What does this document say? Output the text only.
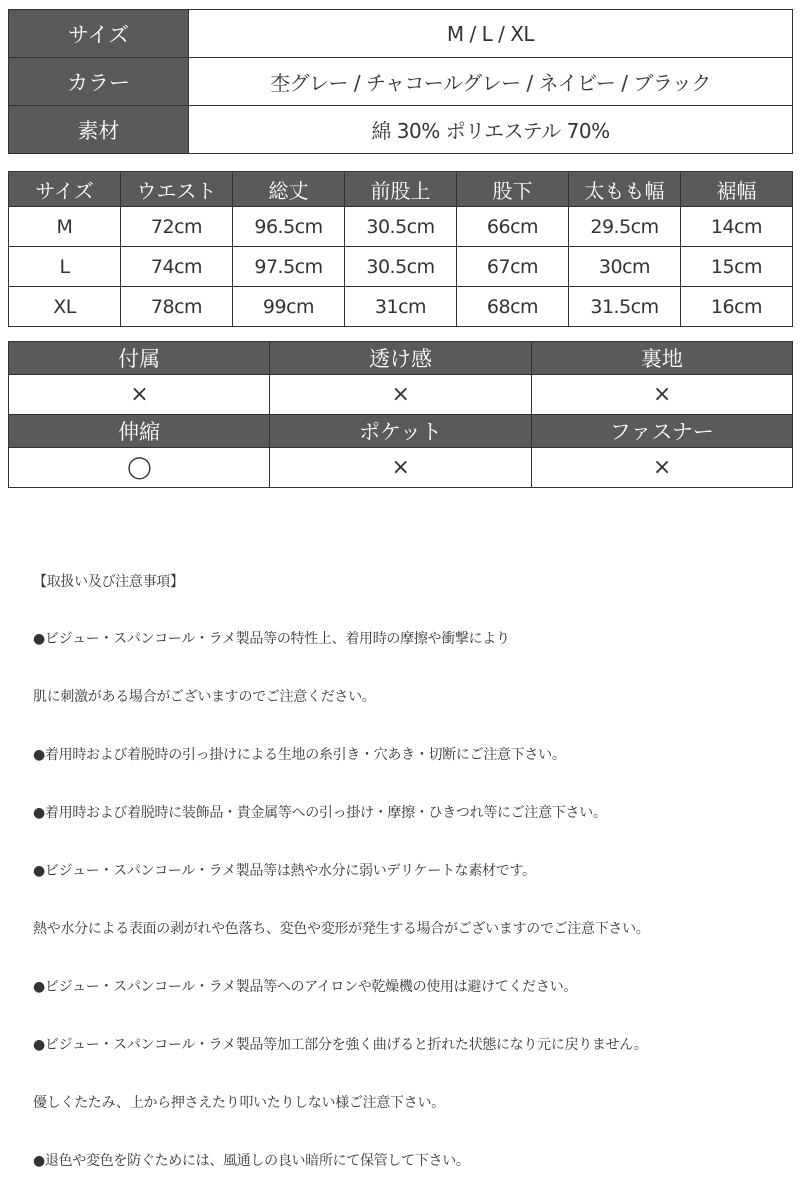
サイズ	M / L / XL
カラー	杢グレー / チャコールグレー / ネイビー / ブラック
素材	綿 30% ポリエステル 70%
サイズ	ウエスト	総丈	前股上	股下	太もも幅	裾幅
M	72cm	96.5cm	30.5cm	66cm	29.5cm	14cm
L	74cm	97.5cm	30.5cm	67cm	30cm	15cm
XL	78cm	99cm	31cm	68cm	31.5cm	16cm
付属	透け感	裏地
×	×	×
伸縮	ポケット	ファスナー
◯	×	×

【取扱い及び注意事項】

●ビジュー・スパンコール・ラメ製品等の特性上、着用時の摩擦や衝撃により

肌に刺激がある場合がございますのでご注意ください。

●着用時および着脱時の引っ掛けによる生地の糸引き・穴あき・切断にご注意下さい。

●着用時および着脱時に装飾品・貴金属等への引っ掛け・摩擦・ひきつれ等にご注意下さい。

●ビジュー・スパンコール・ラメ製品等は熱や水分に弱いデリケートな素材です。

熱や水分による表面の剥がれや色落ち、変色や変形が発生する場合がございますのでご注意下さい。

●ビジュー・スパンコール・ラメ製品等へのアイロンや乾燥機の使用は避けてください。

●ビジュー・スパンコール・ラメ製品等加工部分を強く曲げると折れた状態になり元に戻りません。

優しくたたみ、上から押さえたり叩いたりしない様ご注意下さい。

●退色や変色を防ぐためには、風通しの良い暗所にて保管して下さい。
